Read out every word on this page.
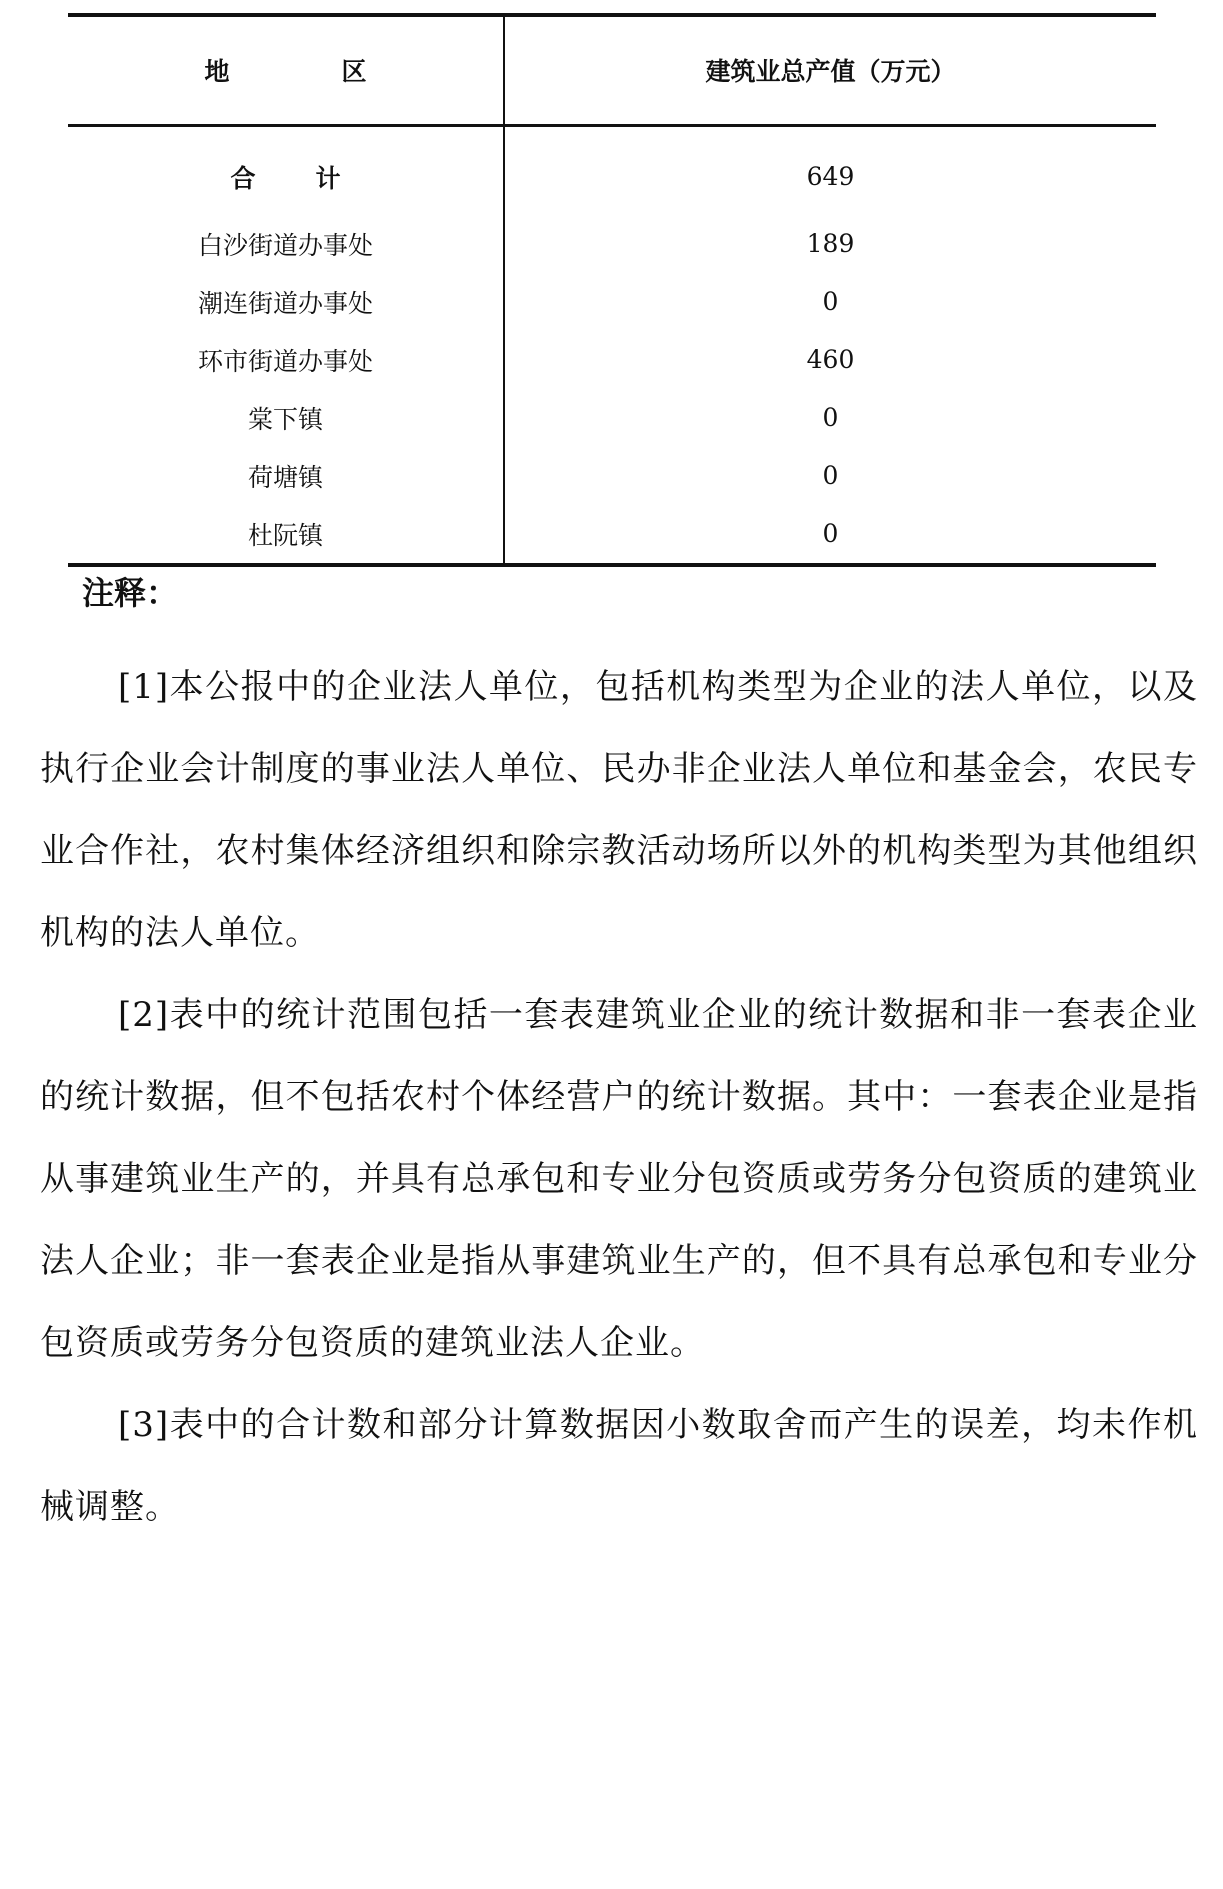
地区	建筑业总产值（万元）
合计	649
白沙街道办事处	189
潮连街道办事处	0
环市街道办事处	460
棠下镇	0
荷塘镇	0
杜阮镇	0
注释：

[1]本公报中的企业法人单位，包括机构类型为企业的法人单位，以及执行企业会计制度的事业法人单位、民办非企业法人单位和基金会，农民专业合作社，农村集体经济组织和除宗教活动场所以外的机构类型为其他组织机构的法人单位。

[2]表中的统计范围包括一套表建筑业企业的统计数据和非一套表企业的统计数据，但不包括农村个体经营户的统计数据。其中：一套表企业是指从事建筑业生产的，并具有总承包和专业分包资质或劳务分包资质的建筑业法人企业；非一套表企业是指从事建筑业生产的，但不具有总承包和专业分包资质或劳务分包资质的建筑业法人企业。

[3]表中的合计数和部分计算数据因小数取舍而产生的误差，均未作机械调整。
